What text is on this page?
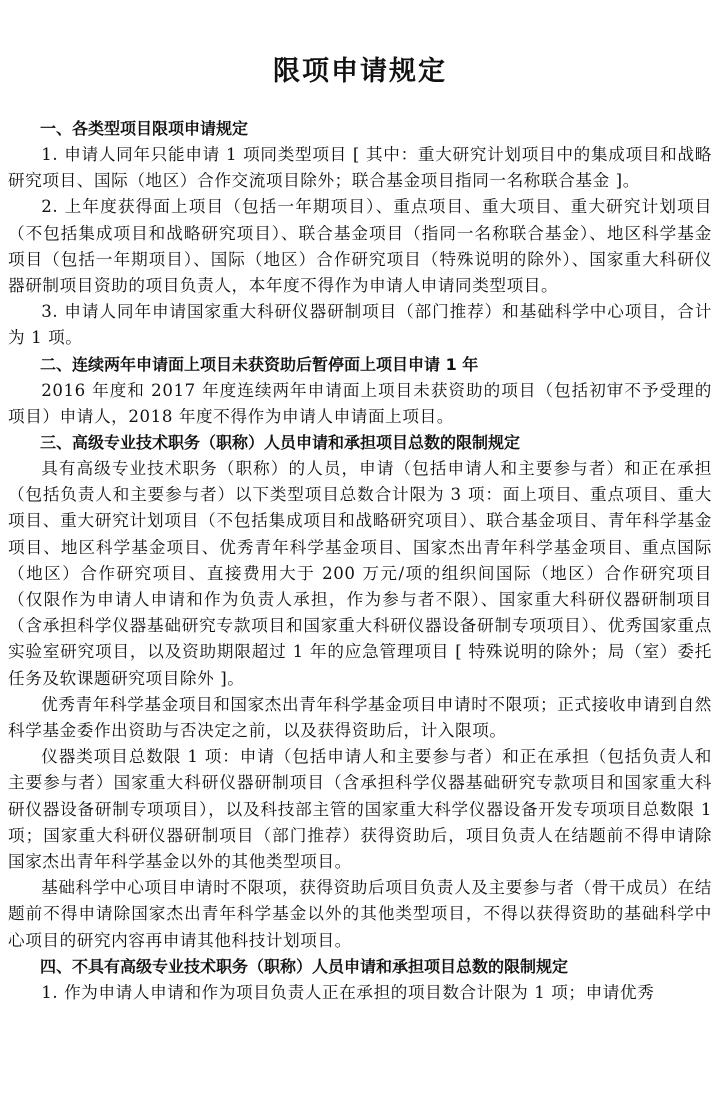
限项申请规定
一、各类型项目限项申请规定

1. 申请人同年只能申请 1 项同类型项目 [ 其中：重大研究计划项目中的集成项目和战略研究项目、国际（地区）合作交流项目除外；联合基金项目指同一名称联合基金 ]。

2. 上年度获得面上项目（包括一年期项目）、重点项目、重大项目、重大研究计划项目（不包括集成项目和战略研究项目）、联合基金项目（指同一名称联合基金）、地区科学基金项目（包括一年期项目）、国际（地区）合作研究项目（特殊说明的除外）、国家重大科研仪器研制项目资助的项目负责人，本年度不得作为申请人申请同类型项目。

3. 申请人同年申请国家重大科研仪器研制项目（部门推荐）和基础科学中心项目，合计为 1 项。

二、连续两年申请面上项目未获资助后暂停面上项目申请 1 年

2016 年度和 2017 年度连续两年申请面上项目未获资助的项目（包括初审不予受理的项目）申请人，2018 年度不得作为申请人申请面上项目。

三、高级专业技术职务（职称）人员申请和承担项目总数的限制规定

具有高级专业技术职务（职称）的人员，申请（包括申请人和主要参与者）和正在承担（包括负责人和主要参与者）以下类型项目总数合计限为 3 项：面上项目、重点项目、重大项目、重大研究计划项目（不包括集成项目和战略研究项目）、联合基金项目、青年科学基金项目、地区科学基金项目、优秀青年科学基金项目、国家杰出青年科学基金项目、重点国际（地区）合作研究项目、直接费用大于 200 万元/项的组织间国际（地区）合作研究项目（仅限作为申请人申请和作为负责人承担，作为参与者不限）、国家重大科研仪器研制项目（含承担科学仪器基础研究专款项目和国家重大科研仪器设备研制专项项目）、优秀国家重点实验室研究项目，以及资助期限超过 1 年的应急管理项目 [ 特殊说明的除外；局（室）委托任务及软课题研究项目除外 ]。

优秀青年科学基金项目和国家杰出青年科学基金项目申请时不限项；正式接收申请到自然科学基金委作出资助与否决定之前，以及获得资助后，计入限项。

仪器类项目总数限 1 项：申请（包括申请人和主要参与者）和正在承担（包括负责人和主要参与者）国家重大科研仪器研制项目（含承担科学仪器基础研究专款项目和国家重大科研仪器设备研制专项项目），以及科技部主管的国家重大科学仪器设备开发专项项目总数限 1 项；国家重大科研仪器研制项目（部门推荐）获得资助后，项目负责人在结题前不得申请除国家杰出青年科学基金以外的其他类型项目。

基础科学中心项目申请时不限项，获得资助后项目负责人及主要参与者（骨干成员）在结题前不得申请除国家杰出青年科学基金以外的其他类型项目，不得以获得资助的基础科学中心项目的研究内容再申请其他科技计划项目。

四、不具有高级专业技术职务（职称）人员申请和承担项目总数的限制规定

1. 作为申请人申请和作为项目负责人正在承担的项目数合计限为 1 项；申请优秀
